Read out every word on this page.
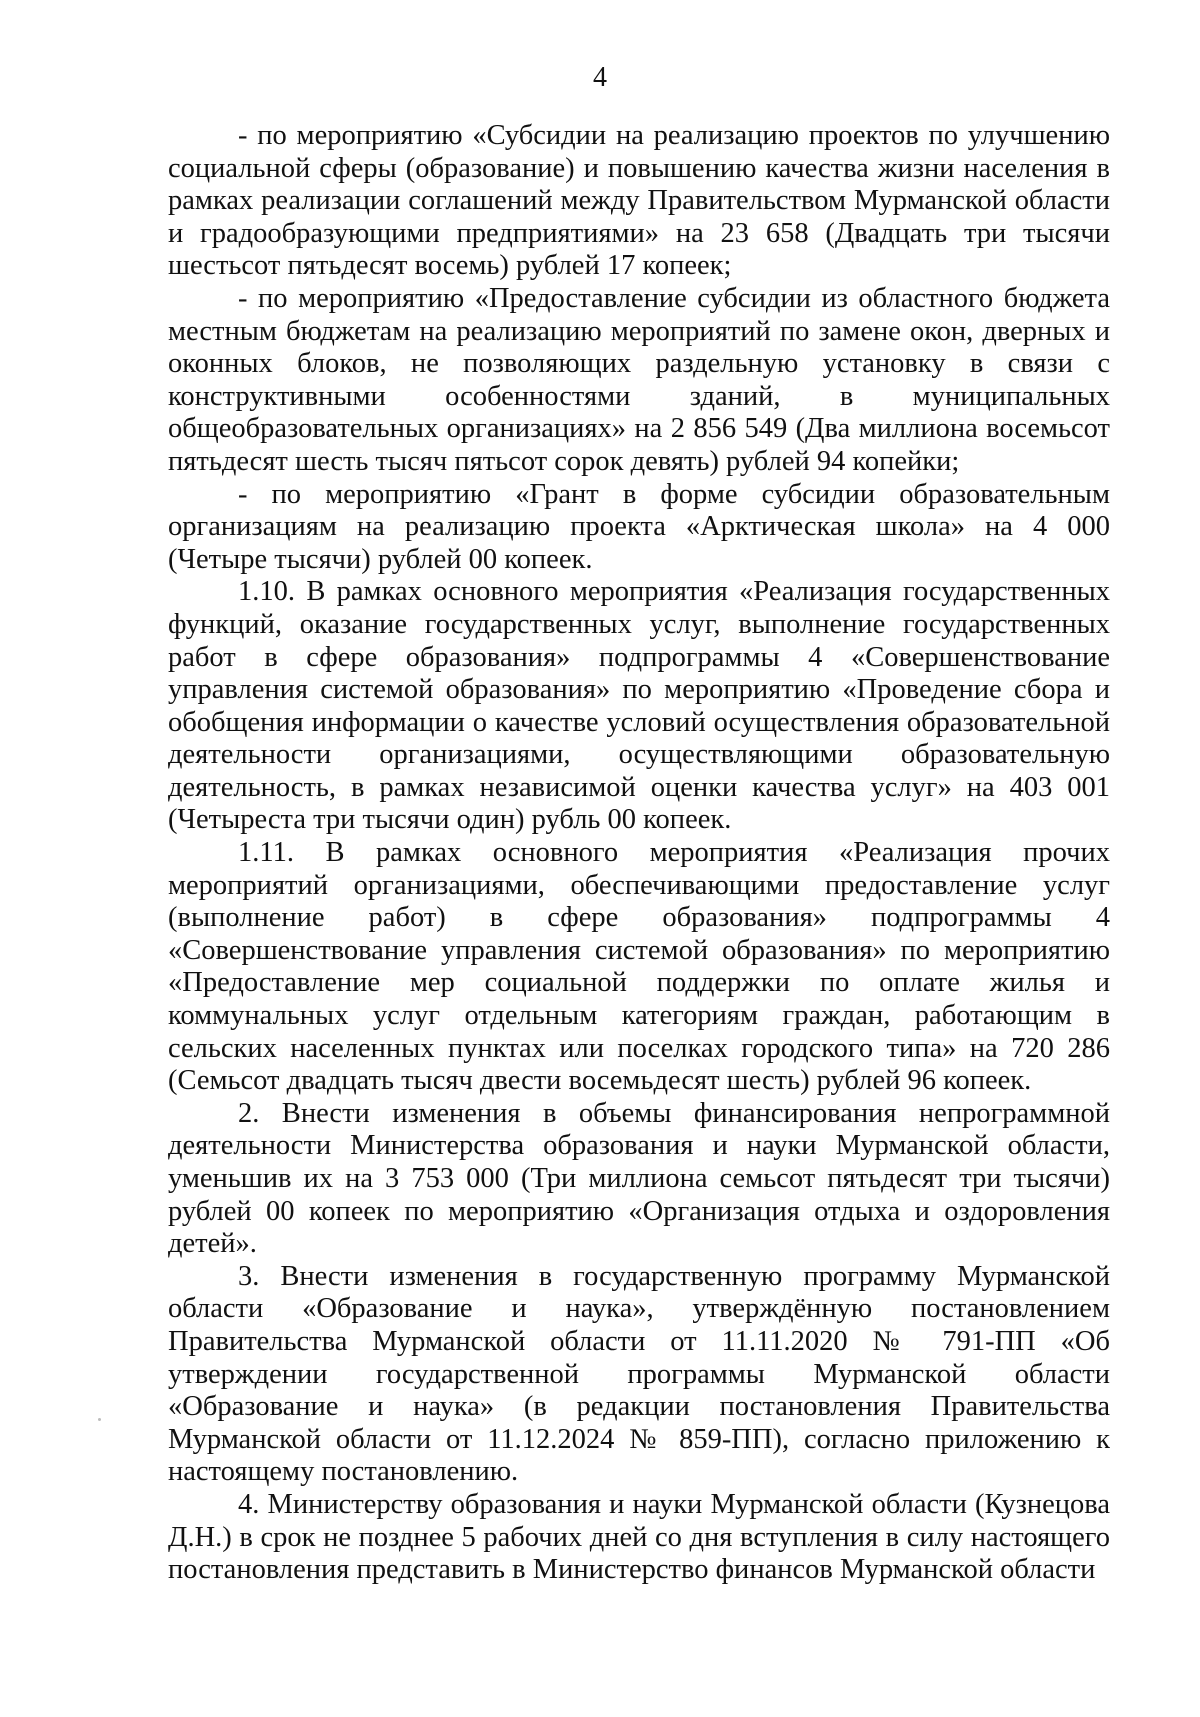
4

- по мероприятию «Субсидии на реализацию проектов по улучшению социальной сферы (образование) и повышению качества жизни населения в рамках реализации соглашений между Правительством Мурманской области и градообразующими предприятиями» на 23 658 (Двадцать три тысячи шестьсот пятьдесят восемь) рублей 17 копеек;

- по мероприятию «Предоставление субсидии из областного бюджета местным бюджетам на реализацию мероприятий по замене окон, дверных и оконных блоков, не позволяющих раздельную установку в связи с конструктивными особенностями зданий, в муниципальных общеобразовательных организациях» на 2 856 549 (Два миллиона восемьсот пятьдесят шесть тысяч пятьсот сорок девять) рублей 94 копейки;

- по мероприятию «Грант в форме субсидии образовательным организациям на реализацию проекта «Арктическая школа» на 4 000 (Четыре тысячи) рублей 00 копеек.

1.10. В рамках основного мероприятия «Реализация государственных функций, оказание государственных услуг, выполнение государственных работ в сфере образования» подпрограммы 4 «Совершенствование управления системой образования» по мероприятию «Проведение сбора и обобщения информации о качестве условий осуществления образовательной деятельности организациями, осуществляющими образовательную деятельность, в рамках независимой оценки качества услуг» на 403 001 (Четыреста три тысячи один) рубль 00 копеек.

1.11. В рамках основного мероприятия «Реализация прочих мероприятий организациями, обеспечивающими предоставление услуг (выполнение работ) в сфере образования» подпрограммы 4 «Совершенствование управления системой образования» по мероприятию «Предоставление мер социальной поддержки по оплате жилья и коммунальных услуг отдельным категориям граждан, работающим в сельских населенных пунктах или поселках городского типа» на 720 286 (Семьсот двадцать тысяч двести восемьдесят шесть) рублей 96 копеек.

2. Внести изменения в объемы финансирования непрограммной деятельности Министерства образования и науки Мурманской области, уменьшив их на 3 753 000 (Три миллиона семьсот пятьдесят три тысячи) рублей 00 копеек по мероприятию «Организация отдыха и оздоровления детей».

3. Внести изменения в государственную программу Мурманской области «Образование и наука», утверждённую постановлением Правительства Мурманской области от 11.11.2020 № 791-ПП «Об утверждении государственной программы Мурманской области «Образование и наука» (в редакции постановления Правительства Мурманской области от 11.12.2024 № 859-ПП), согласно приложению к настоящему постановлению.

4. Министерству образования и науки Мурманской области (Кузнецова Д.Н.) в срок не позднее 5 рабочих дней со дня вступления в силу настоящего постановления представить в Министерство финансов Мурманской области
